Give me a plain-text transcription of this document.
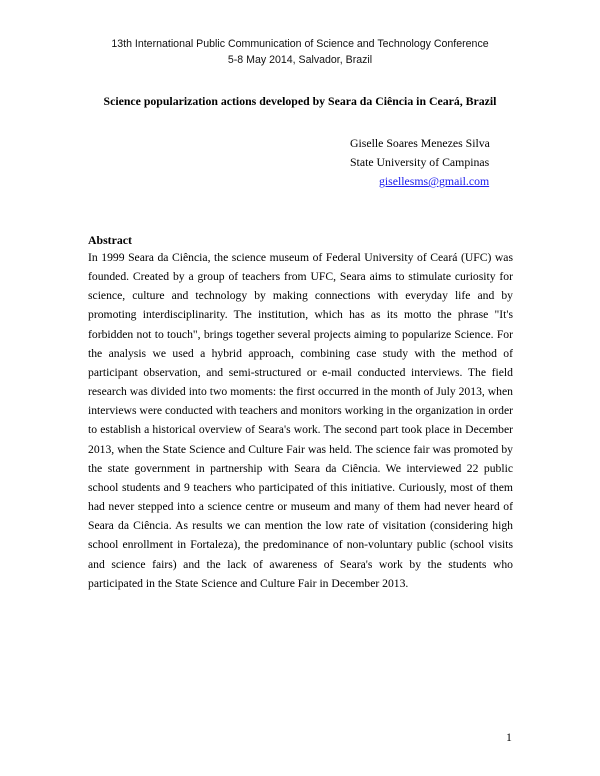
13th International Public Communication of Science and Technology Conference
5-8 May 2014, Salvador, Brazil
Science popularization actions developed by Seara da Ciência in Ceará, Brazil
Giselle Soares Menezes Silva
State University of Campinas
gisellesms@gmail.com
Abstract
In 1999 Seara da Ciência, the science museum of Federal University of Ceará (UFC) was founded. Created by a group of teachers from UFC, Seara aims to stimulate curiosity for science, culture and technology by making connections with everyday life and by promoting interdisciplinarity. The institution, which has as its motto the phrase "It's forbidden not to touch", brings together several projects aiming to popularize Science. For the analysis we used a hybrid approach, combining case study with the method of participant observation, and semi-structured or e-mail conducted interviews. The field research was divided into two moments: the first occurred in the month of July 2013, when interviews were conducted with teachers and monitors working in the organization in order to establish a historical overview of Seara's work. The second part took place in December 2013, when the State Science and Culture Fair was held. The science fair was promoted by the state government in partnership with Seara da Ciência. We interviewed 22 public school students and 9 teachers who participated of this initiative. Curiously, most of them had never stepped into a science centre or museum and many of them had never heard of Seara da Ciência. As results we can mention the low rate of visitation (considering high school enrollment in Fortaleza), the predominance of non-voluntary public (school visits and science fairs) and the lack of awareness of Seara's work by the students who participated in the State Science and Culture Fair in December 2013.
1
